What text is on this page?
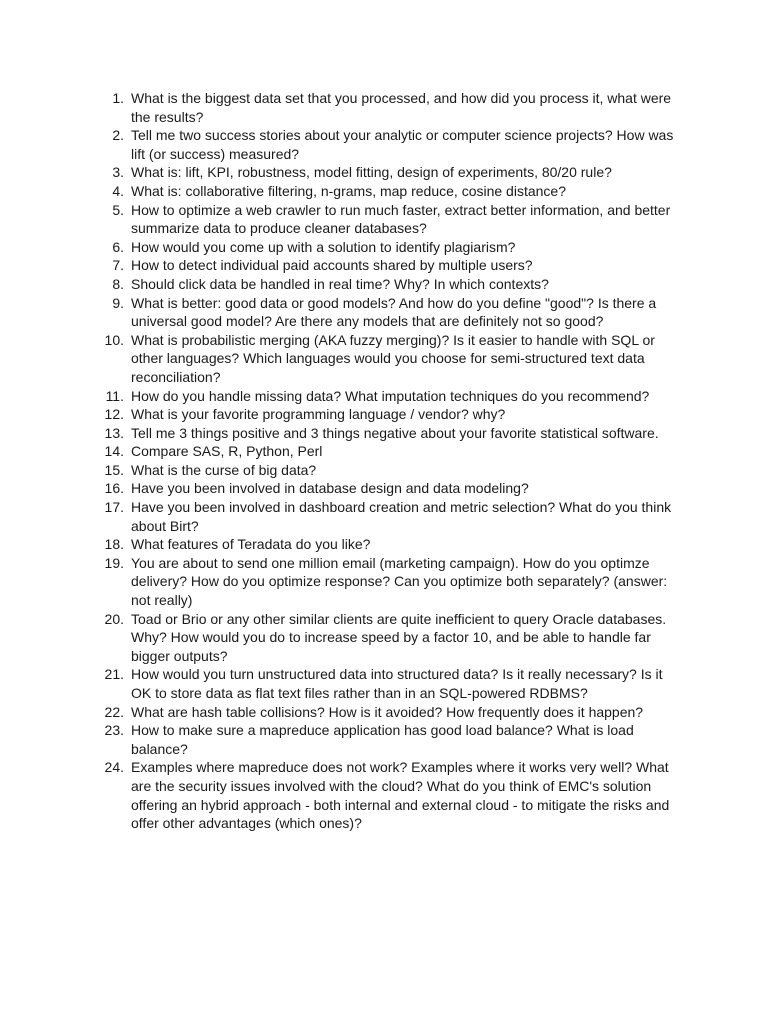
1. What is the biggest data set that you processed, and how did you process it, what were the results?
2. Tell me two success stories about your analytic or computer science projects? How was lift (or success) measured?
3. What is: lift, KPI, robustness, model fitting, design of experiments, 80/20 rule?
4. What is: collaborative filtering, n-grams, map reduce, cosine distance?
5. How to optimize a web crawler to run much faster, extract better information, and better summarize data to produce cleaner databases?
6. How would you come up with a solution to identify plagiarism?
7. How to detect individual paid accounts shared by multiple users?
8. Should click data be handled in real time? Why? In which contexts?
9. What is better: good data or good models? And how do you define "good"? Is there a universal good model? Are there any models that are definitely not so good?
10. What is probabilistic merging (AKA fuzzy merging)? Is it easier to handle with SQL or other languages? Which languages would you choose for semi-structured text data reconciliation?
11. How do you handle missing data? What imputation techniques do you recommend?
12. What is your favorite programming language / vendor? why?
13. Tell me 3 things positive and 3 things negative about your favorite statistical software.
14. Compare SAS, R, Python, Perl
15. What is the curse of big data?
16. Have you been involved in database design and data modeling?
17. Have you been involved in dashboard creation and metric selection? What do you think about Birt?
18. What features of Teradata do you like?
19. You are about to send one million email (marketing campaign). How do you optimze delivery? How do you optimize response? Can you optimize both separately? (answer: not really)
20. Toad or Brio or any other similar clients are quite inefficient to query Oracle databases. Why? How would you do to increase speed by a factor 10, and be able to handle far bigger outputs?
21. How would you turn unstructured data into structured data? Is it really necessary? Is it OK to store data as flat text files rather than in an SQL-powered RDBMS?
22. What are hash table collisions? How is it avoided? How frequently does it happen?
23. How to make sure a mapreduce application has good load balance? What is load balance?
24. Examples where mapreduce does not work? Examples where it works very well? What are the security issues involved with the cloud? What do you think of EMC's solution offering an hybrid approach - both internal and external cloud - to mitigate the risks and offer other advantages (which ones)?
